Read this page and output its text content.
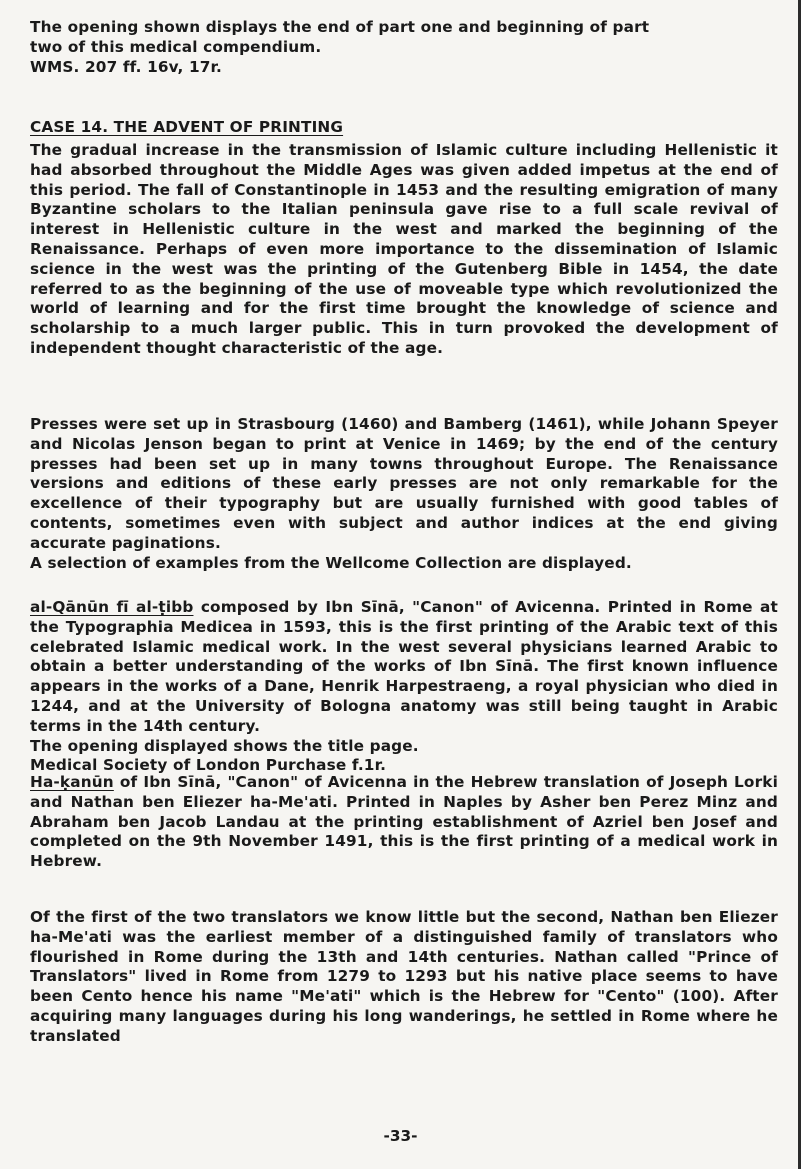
The opening shown displays the end of part one and beginning of part

two of this medical compendium.

WMS. 207 ff. 16v, 17r.

CASE 14. THE ADVENT OF PRINTING
The gradual increase in the transmission of Islamic culture including Hellenistic it had absorbed throughout the Middle Ages was given added impetus at the end of this period. The fall of Constantinople in 1453 and the resulting emigration of many Byzantine scholars to the Italian peninsula gave rise to a full scale revival of interest in Hellenistic culture in the west and marked the beginning of the Renaissance. Perhaps of even more importance to the dissemination of Islamic science in the west was the printing of the Gutenberg Bible in 1454, the date referred to as the beginning of the use of moveable type which revolutionized the world of learning and for the first time brought the knowledge of science and scholarship to a much larger public. This in turn provoked the development of independent thought characteristic of the age.

Presses were set up in Strasbourg (1460) and Bamberg (1461), while Johann Speyer and Nicolas Jenson began to print at Venice in 1469; by the end of the century presses had been set up in many towns throughout Europe. The Renaissance versions and editions of these early presses are not only remarkable for the excellence of their typography but are usually furnished with good tables of contents, sometimes even with subject and author indices at the end giving accurate paginations.

A selection of examples from the Wellcome Collection are displayed.

al-Qānūn fī al-ṭibb composed by Ibn Sīnā, "Canon" of Avicenna. Printed in Rome at the Typographia Medicea in 1593, this is the first printing of the Arabic text of this celebrated Islamic medical work. In the west several physicians learned Arabic to obtain a better understanding of the works of Ibn Sīnā. The first known influence appears in the works of a Dane, Henrik Harpestraeng, a royal physician who died in 1244, and at the University of Bologna anatomy was still being taught in Arabic terms in the 14th century.

The opening displayed shows the title page.

Medical Society of London Purchase f.1r.

Ha-ḳanūn of Ibn Sīnā, "Canon" of Avicenna in the Hebrew translation of Joseph Lorki and Nathan ben Eliezer ha-Me'ati. Printed in Naples by Asher ben Perez Minz and Abraham ben Jacob Landau at the printing establishment of Azriel ben Josef and completed on the 9th November 1491, this is the first printing of a medical work in Hebrew.

Of the first of the two translators we know little but the second, Nathan ben Eliezer ha-Me'ati was the earliest member of a distinguished family of translators who flourished in Rome during the 13th and 14th centuries. Nathan called "Prince of Translators" lived in Rome from 1279 to 1293 but his native place seems to have been Cento hence his name "Me'ati" which is the Hebrew for "Cento" (100). After acquiring many languages during his long wanderings, he settled in Rome where he translated
-33-
